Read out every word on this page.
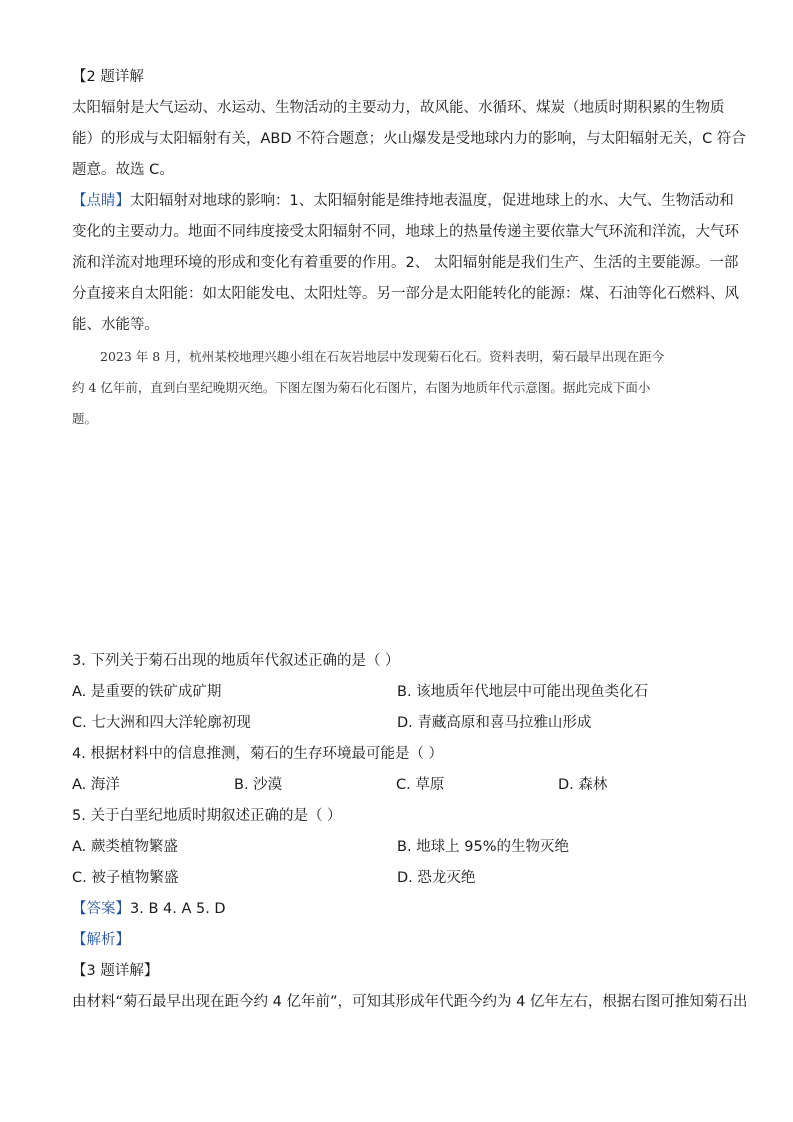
【2 题详解
太阳辐射是大气运动、水运动、生物活动的主要动力，故风能、水循环、煤炭（地质时期积累的生物质
能）的形成与太阳辐射有关，ABD 不符合题意；火山爆发是受地球内力的影响，与太阳辐射无关，C 符合
题意。故选 C。
【点睛】太阳辐射对地球的影响：1、太阳辐射能是维持地表温度，促进地球上的水、大气、生物活动和
变化的主要动力。地面不同纬度接受太阳辐射不同，地球上的热量传递主要依靠大气环流和洋流，大气环
流和洋流对地理环境的形成和变化有着重要的作用。2、 太阳辐射能是我们生产、生活的主要能源。一部
分直接来自太阳能：如太阳能发电、太阳灶等。另一部分是太阳能转化的能源：煤、石油等化石燃料、风
能、水能等。
2023 年 8 月，杭州某校地理兴趣小组在石灰岩地层中发现菊石化石。资料表明，菊石最早出现在距今
约 4 亿年前，直到白垩纪晚期灭绝。下图左图为菊石化石图片，右图为地质年代示意图。据此完成下面小
题。
3. 下列关于菊石出现的地质年代叙述正确的是（ ）
A. 是重要的铁矿成矿期	B. 该地质年代地层中可能出现鱼类化石
C. 七大洲和四大洋轮廓初现	D. 青藏高原和喜马拉雅山形成
4. 根据材料中的信息推测，菊石的生存环境最可能是（ ）
A. 海洋	B. 沙漠	C. 草原	D. 森林
5. 关于白垩纪地质时期叙述正确的是（ ）
A. 蕨类植物繁盛	B. 地球上 95%的生物灭绝
C. 被子植物繁盛	D. 恐龙灭绝
【答案】3. B 4. A 5. D
【解析】
【3 题详解】
由材料“菊石最早出现在距今约 4 亿年前”，可知其形成年代距今约为 4 亿年左右，根据右图可推知菊石出
